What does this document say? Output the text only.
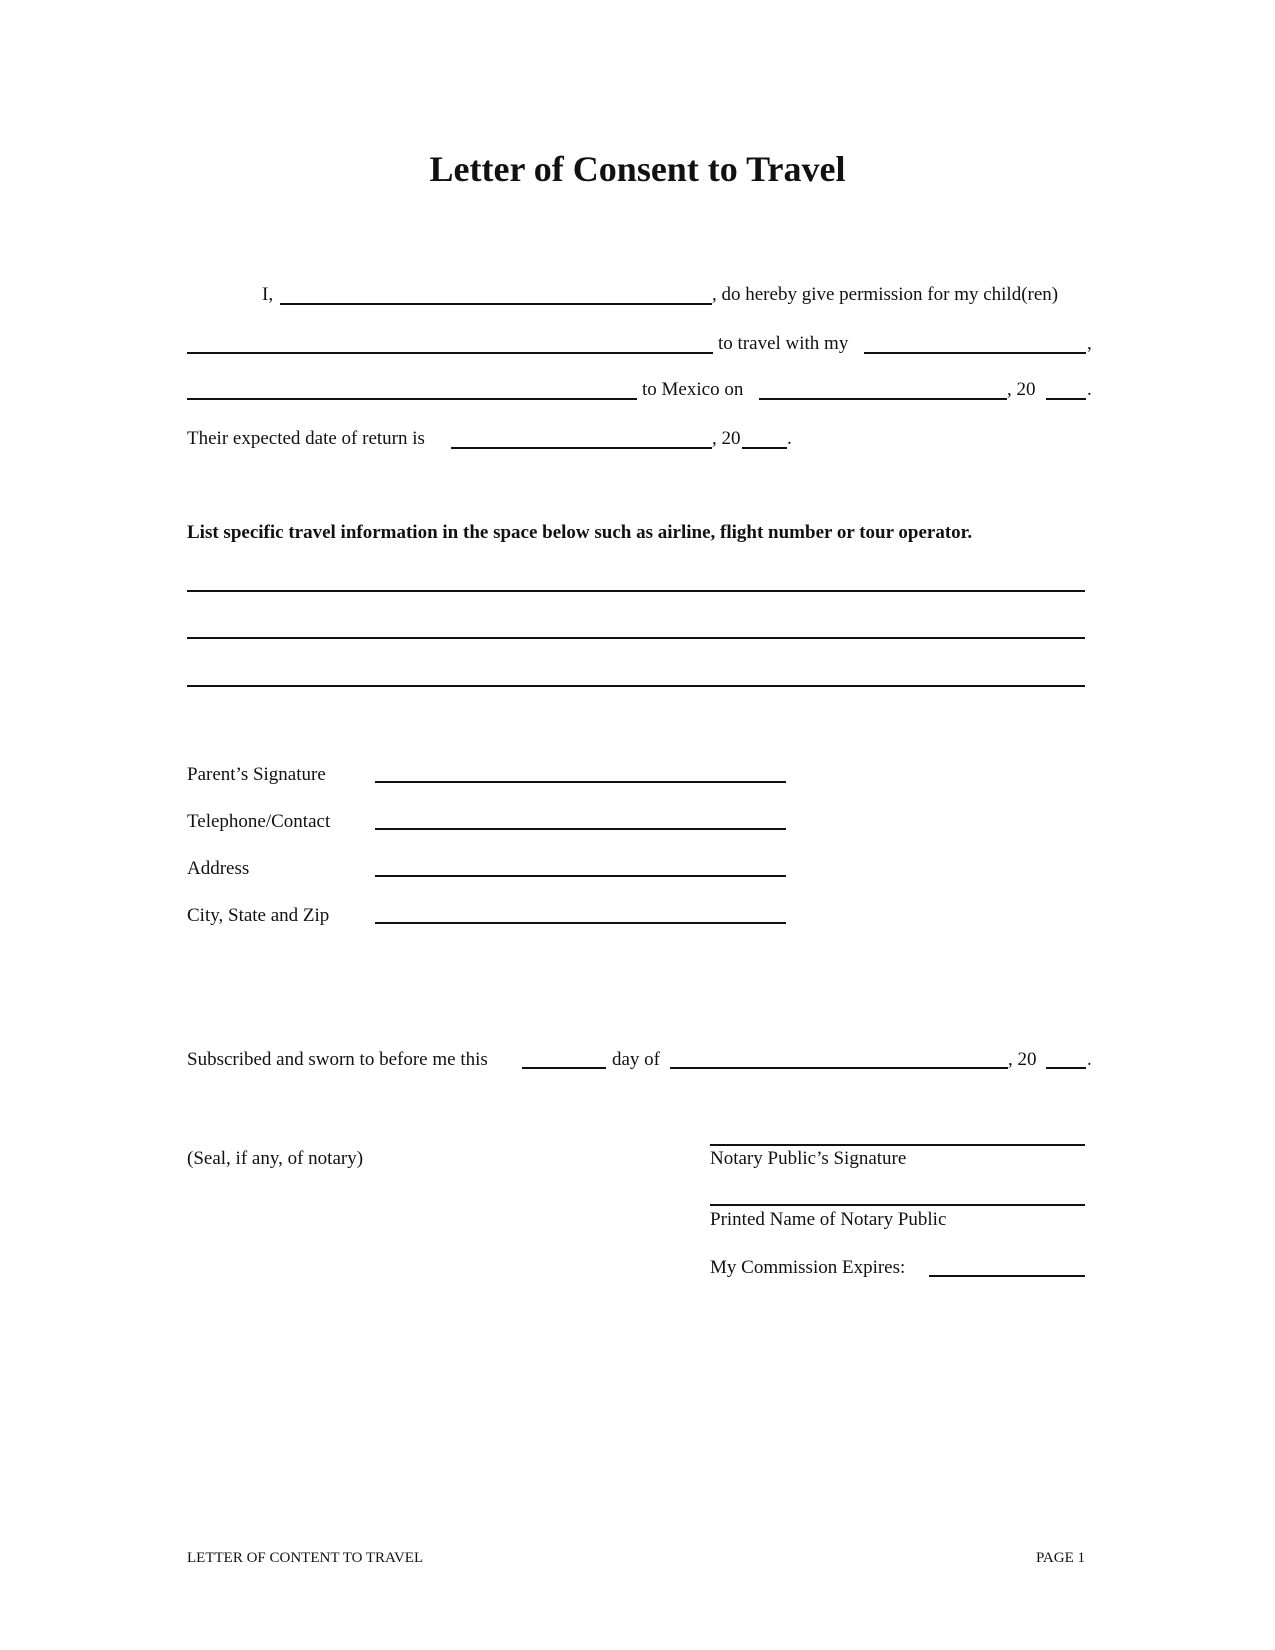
Letter of Consent to Travel
I,	, do hereby give permission for my child(ren)
to travel with my	,
to Mexico on	, 20	.
Their expected date of return is	, 20 .
List specific travel information in the space below such as airline, flight number or tour operator.
Parent’s Signature
Telephone/Contact
Address
City, State and Zip
Subscribed and sworn to before me this	day of	, 20	.
(Seal, if any, of notary)	Notary Public’s Signature
Printed Name of Notary Public
My Commission Expires:
LETTER OF CONTENT TO TRAVEL	PAGE 1
